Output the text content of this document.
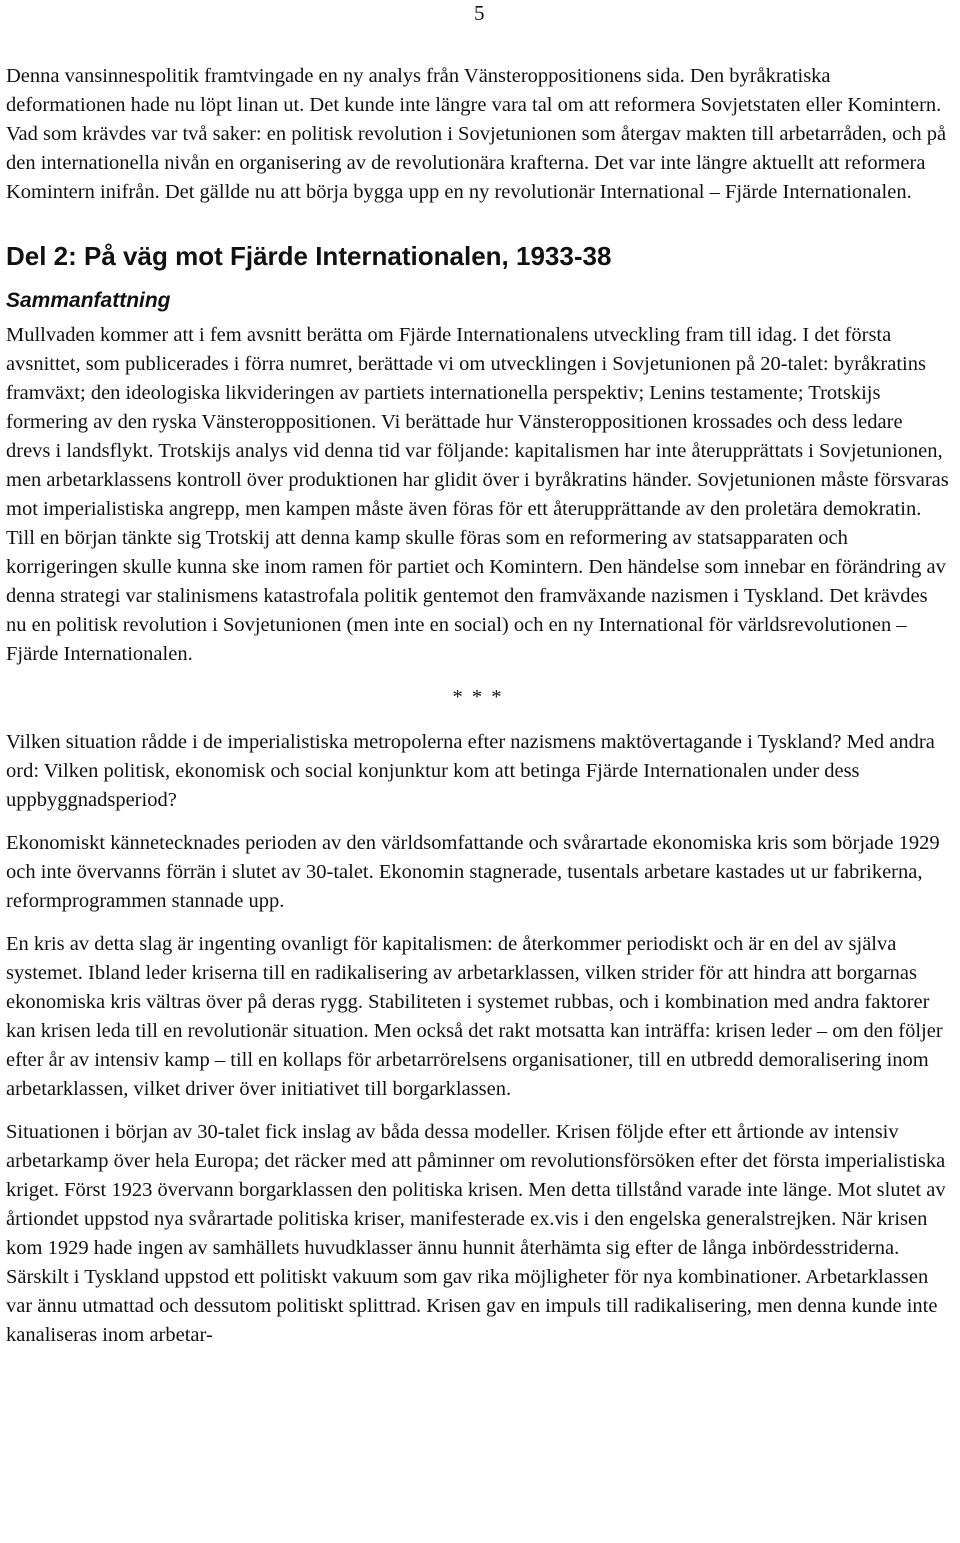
5

Denna vansinnespolitik framtvingade en ny analys från Vänsteroppositionens sida. Den byråkratiska deformationen hade nu löpt linan ut. Det kunde inte längre vara tal om att reformera Sovjetstaten eller Komintern. Vad som krävdes var två saker: en politisk revolution i Sovjetunionen som återgav makten till arbetarråden, och på den internationella nivån en organisering av de revolutionära krafterna. Det var inte längre aktuellt att reformera Komintern inifrån. Det gällde nu att börja bygga upp en ny revolutionär International – Fjärde Internationalen.

Del 2: På väg mot Fjärde Internationalen, 1933-38
Sammanfattning

Mullvaden kommer att i fem avsnitt berätta om Fjärde Internationalens utveckling fram till idag. I det första avsnittet, som publicerades i förra numret, berättade vi om utvecklingen i Sovjetunionen på 20-talet: byråkratins framväxt; den ideologiska likvideringen av partiets internationella perspektiv; Lenins testamente; Trotskijs formering av den ryska Vänsteroppositionen. Vi berättade hur Vänsteroppositionen krossades och dess ledare drevs i landsflykt. Trotskijs analys vid denna tid var följande: kapitalismen har inte återupprättats i Sovjetunionen, men arbetarklassens kontroll över produktionen har glidit över i byråkratins händer. Sovjetunionen måste försvaras mot imperialistiska angrepp, men kampen måste även föras för ett återupprättande av den proletära demokratin. Till en början tänkte sig Trotskij att denna kamp skulle föras som en reformering av statsapparaten och korrigeringen skulle kunna ske inom ramen för partiet och Komintern. Den händelse som innebar en förändring av denna strategi var stalinismens katastrofala politik gentemot den framväxande nazismen i Tyskland. Det krävdes nu en politisk revolution i Sovjetunionen (men inte en social) och en ny International för världsrevolutionen – Fjärde Internationalen.

* * *

Vilken situation rådde i de imperialistiska metropolerna efter nazismens maktövertagande i Tyskland? Med andra ord: Vilken politisk, ekonomisk och social konjunktur kom att betinga Fjärde Internationalen under dess uppbyggnadsperiod?

Ekonomiskt kännetecknades perioden av den världsomfattande och svårartade ekonomiska kris som började 1929 och inte övervanns förrän i slutet av 30-talet. Ekonomin stagnerade, tusentals arbetare kastades ut ur fabrikerna, reformprogrammen stannade upp.

En kris av detta slag är ingenting ovanligt för kapitalismen: de återkommer periodiskt och är en del av själva systemet. Ibland leder kriserna till en radikalisering av arbetarklassen, vilken strider för att hindra att borgarnas ekonomiska kris vältras över på deras rygg. Stabiliteten i systemet rubbas, och i kombination med andra faktorer kan krisen leda till en revolutionär situation. Men också det rakt motsatta kan inträffa: krisen leder – om den följer efter år av intensiv kamp – till en kollaps för arbetarrörelsens organisationer, till en utbredd demoralisering inom arbetarklassen, vilket driver över initiativet till borgarklassen.

Situationen i början av 30-talet fick inslag av båda dessa modeller. Krisen följde efter ett årtionde av intensiv arbetarkamp över hela Europa; det räcker med att påminner om revolutionsförsöken efter det första imperialistiska kriget. Först 1923 övervann borgarklassen den politiska krisen. Men detta tillstånd varade inte länge. Mot slutet av årtiondet uppstod nya svårartade politiska kriser, manifesterade ex.vis i den engelska generalstrejken. När krisen kom 1929 hade ingen av samhällets huvudklasser ännu hunnit återhämta sig efter de långa inbördesstriderna. Särskilt i Tyskland uppstod ett politiskt vakuum som gav rika möjligheter för nya kombinationer. Arbetarklassen var ännu utmattad och dessutom politiskt splittrad. Krisen gav en impuls till radikalisering, men denna kunde inte kanaliseras inom arbetar-
